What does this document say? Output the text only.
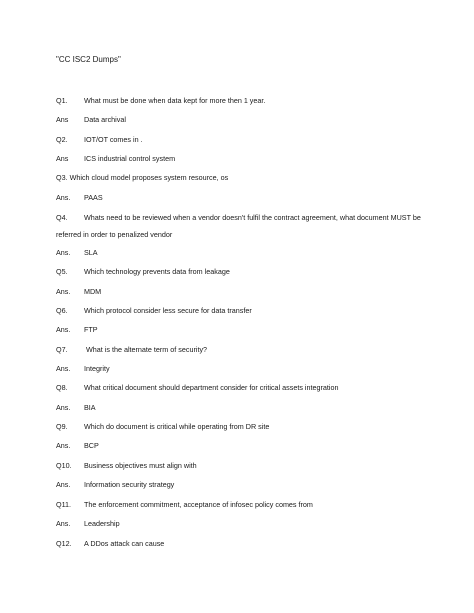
"CC ISC2 Dumps"
Q1. What must be done when data kept for more then 1 year.
Ans Data archival
Q2. IOT/OT comes in .
Ans ICS industrial control system
Q3. Which cloud model proposes system resource, os
Ans. PAAS
Q4. Whats need to be reviewed when a vendor doesn't fulfil the contract agreement, what document MUST be referred in order to penalized vendor
Ans. SLA
Q5. Which technology prevents data from leakage
Ans. MDM
Q6. Which protocol consider less secure for data transfer
Ans. FTP
Q7. What is the alternate term of security?
Ans. Integrity
Q8. What critical document should department consider for critical assets integration
Ans. BIA
Q9. Which do document is critical while operating from DR site
Ans. BCP
Q10. Business objectives must align with
Ans. Information security strategy
Q11. The enforcement commitment, acceptance of infosec policy comes from
Ans. Leadership
Q12. A DDos attack can cause
